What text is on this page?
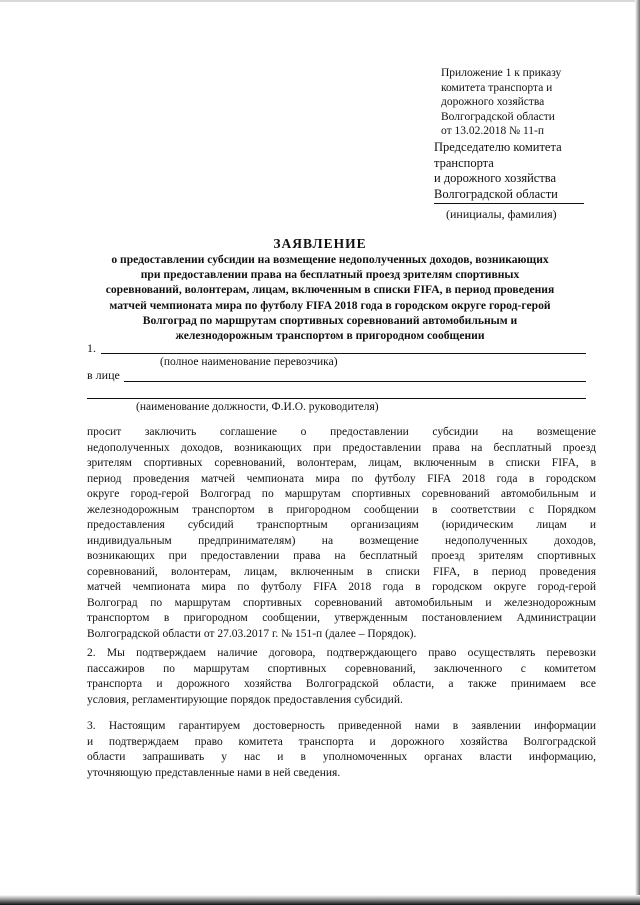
Приложение 1 к приказу
комитета транспорта и
дорожного хозяйства
Волгоградской области
от 13.02.2018 № 11-п
Председателю комитета
транспорта
и дорожного хозяйства
Волгоградской области
(инициалы, фамилия)
ЗАЯВЛЕНИЕ
о предоставлении субсидии на возмещение недополученных доходов, возникающих
при предоставлении права на бесплатный проезд зрителям спортивных
соревнований, волонтерам, лицам, включенным в списки FIFA, в период проведения
матчей чемпионата мира по футболу FIFA 2018 года в городском округе город-герой
Волгоград по маршрутам спортивных соревнований автомобильным и
железнодорожным транспортом в пригородном сообщении
1.
(полное наименование перевозчика)
в лице
(наименование должности, Ф.И.О. руководителя)
просит заключить соглашение о предоставлении субсидии на возмещение
недополученных доходов, возникающих при предоставлении права на бесплатный проезд
зрителям спортивных соревнований, волонтерам, лицам, включенным в списки FIFA, в
период проведения матчей чемпионата мира по футболу FIFA 2018 года в городском
округе город-герой Волгоград по маршрутам спортивных соревнований автомобильным и
железнодорожным транспортом в пригородном сообщении в соответствии с Порядком
предоставления субсидий транспортным организациям (юридическим лицам и
индивидуальным предпринимателям) на возмещение недополученных доходов,
возникающих при предоставлении права на бесплатный проезд зрителям спортивных
соревнований, волонтерам, лицам, включенным в списки FIFA, в период проведения
матчей чемпионата мира по футболу FIFA 2018 года в городском округе город-герой
Волгоград по маршрутам спортивных соревнований автомобильным и железнодорожным
транспортом в пригородном сообщении, утвержденным постановлением Администрации
Волгоградской области от 27.03.2017 г. № 151-п (далее – Порядок).
2. Мы подтверждаем наличие договора, подтверждающего право осуществлять перевозки
пассажиров по маршрутам спортивных соревнований, заключенного с комитетом
транспорта и дорожного хозяйства Волгоградской области, а также принимаем все
условия, регламентирующие порядок предоставления субсидий.
3. Настоящим гарантируем достоверность приведенной нами в заявлении информации
и подтверждаем право комитета транспорта и дорожного хозяйства Волгоградской
области запрашивать у нас и в уполномоченных органах власти информацию,
уточняющую представленные нами в ней сведения.
